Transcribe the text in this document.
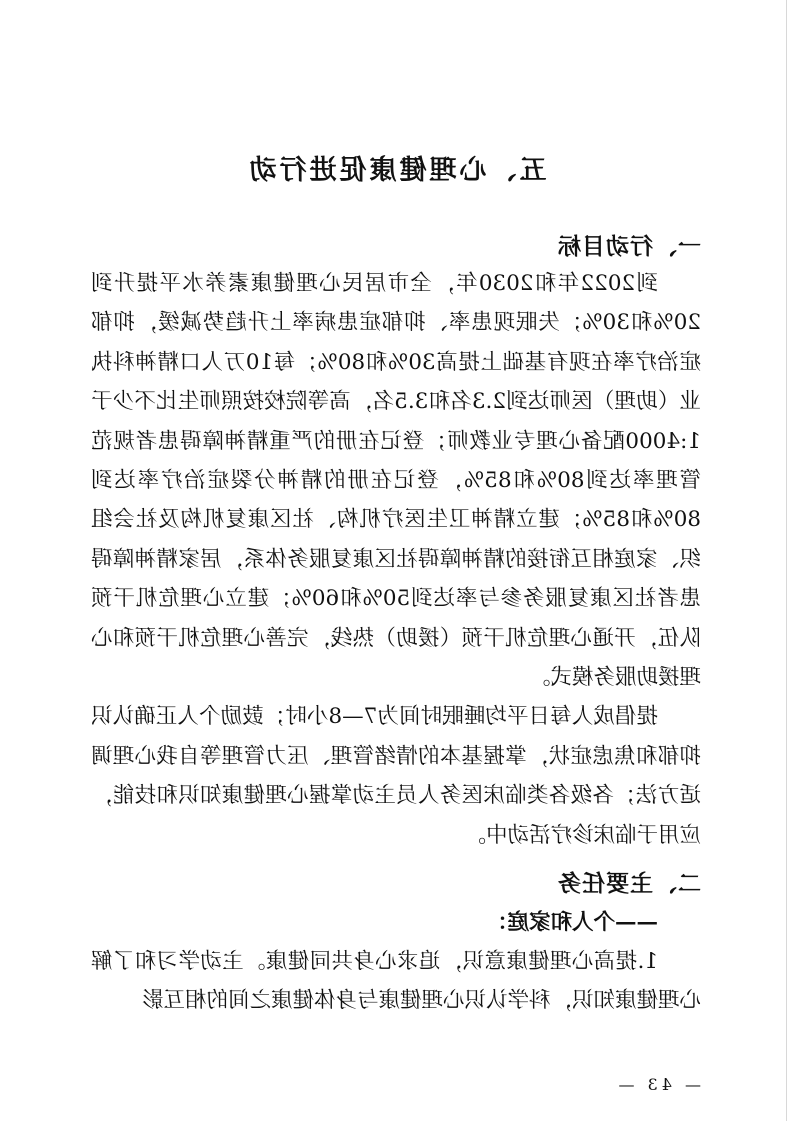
五、心理健康促进行动
一、行动目标

到2022年和2030年，全市居民心理健康素养水平提升到20%和30%；失眠现患率、抑郁症患病率上升趋势减缓，抑郁症治疗率在现有基础上提高30%和80%；每10万人口精神科执业（助理）医师达到2.3名和3.5名，高等院校按照师生比不少于1:4000配备心理专业教师；登记在册的严重精神障碍患者规范管理率达到80%和85%，登记在册的精神分裂症治疗率达到80%和85%；建立精神卫生医疗机构、社区康复机构及社会组织、家庭相互衔接的精神障碍社区康复服务体系，居家精神障碍患者社区康复服务参与率达到50%和60%；建立心理危机干预队伍，开通心理危机干预（援助）热线，完善心理危机干预和心理援助服务模式。

提倡成人每日平均睡眠时间为7—8小时；鼓励个人正确认识抑郁和焦虑症状，掌握基本的情绪管理、压力管理等自我心理调适方法；各级各类临床医务人员主动掌握心理健康知识和技能，应用于临床诊疗活动中。

二、主要任务
——个人和家庭：

1.提高心理健康意识，追求心身共同健康。主动学习和了解心理健康知识，科学认识心理健康与身体健康之间的相互影

— 43 —
